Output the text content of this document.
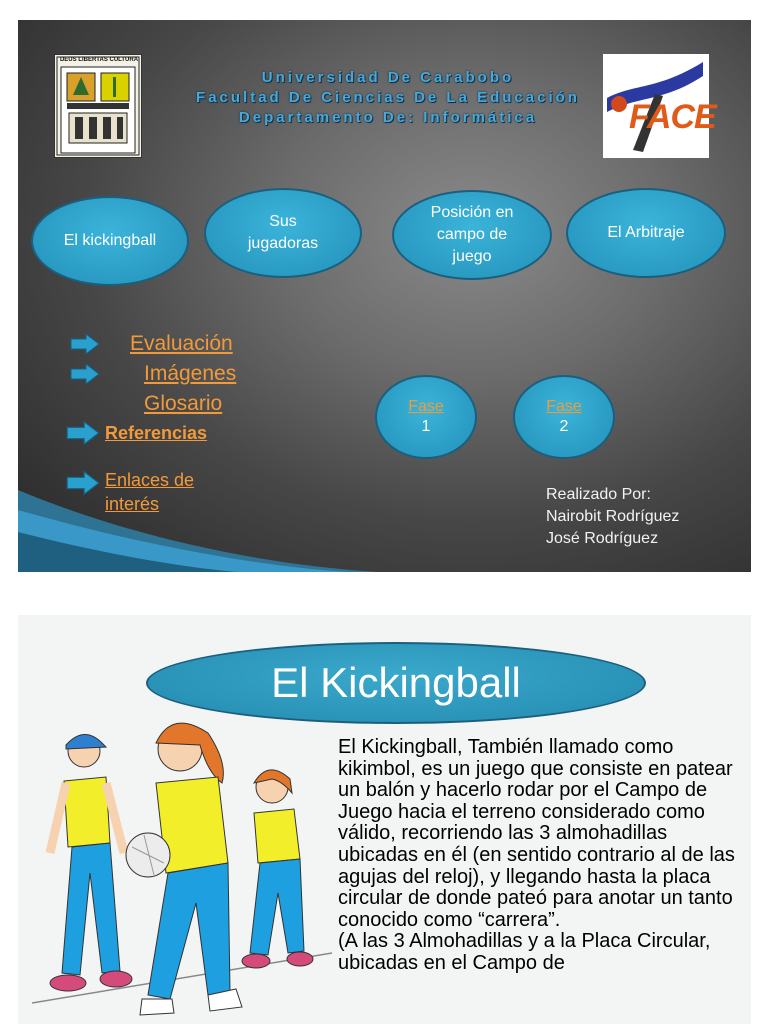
DEUS LIBERTAS CULTURA
FACE
Universidad De Carabobo
Facultad De Ciencias De La Educación
Departamento De: Informática
El kickingball
Sus jugadoras
Posición en campo de juego
El Arbitraje
Evaluación
Imágenes
Glosario
Referencias
Enlaces de interés
Fase
1
Fase
2
Realizado Por:
Nairobit Rodríguez
José Rodríguez
El Kickingball

El Kickingball, También llamado como kikimbol, es un juego que consiste en patear un balón y hacerlo rodar por el Campo de Juego hacia el terreno considerado como válido, recorriendo las 3 almohadillas ubicadas en él (en sentido contrario al de las agujas del reloj), y llegando hasta la placa circular de donde pateó para anotar un tanto conocido como “carrera”.

(A las 3 Almohadillas y a la Placa Circular, ubicadas en el Campo de
